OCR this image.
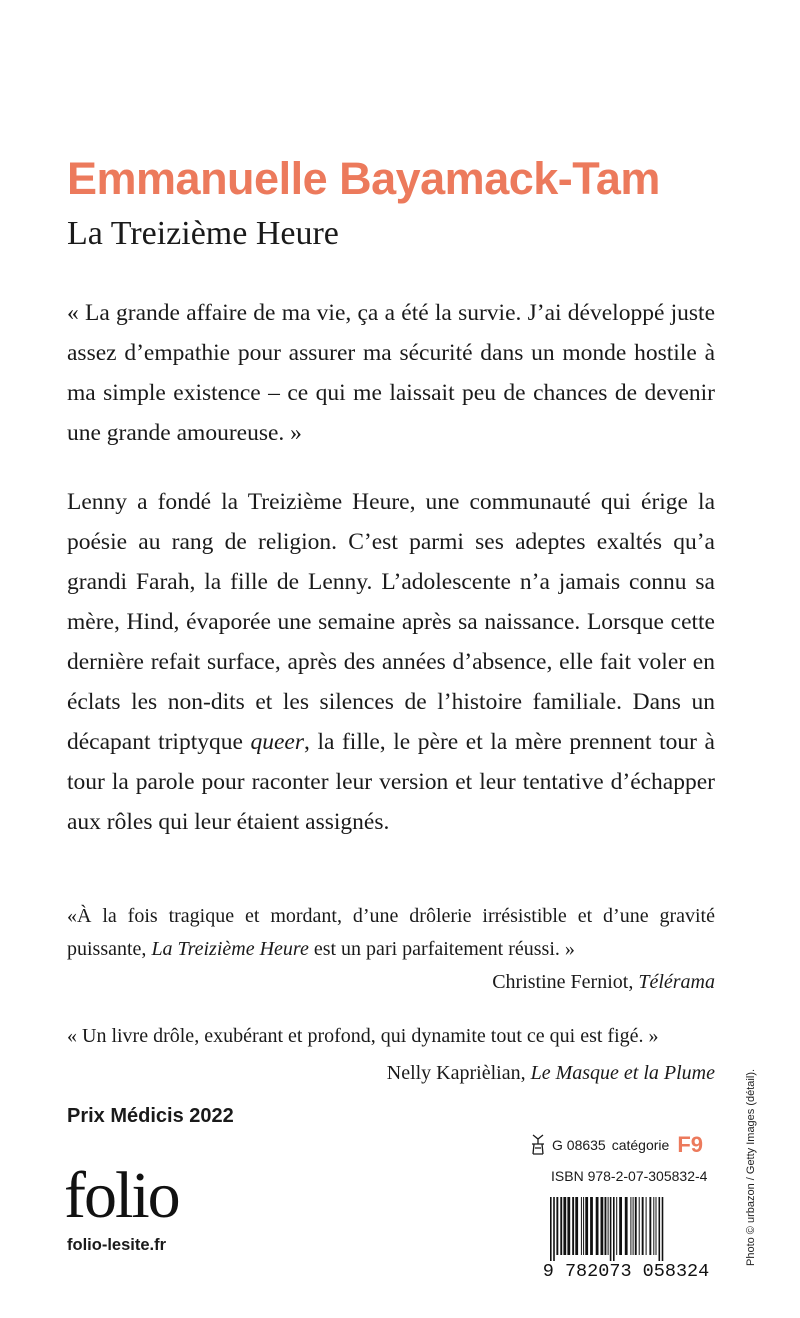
Emmanuelle Bayamack-Tam
La Treizième Heure

« La grande affaire de ma vie, ça a été la survie. J’ai développé juste assez d’empathie pour assurer ma sécurité dans un monde hostile à ma simple existence – ce qui me laissait peu de chances de devenir une grande amoureuse. »

Lenny a fondé la Treizième Heure, une communauté qui érige la poésie au rang de religion. C’est parmi ses adeptes exaltés qu’a grandi Farah, la fille de Lenny. L’adolescente n’a jamais connu sa mère, Hind, évaporée une semaine après sa naissance. Lorsque cette dernière refait surface, après des années d’absence, elle fait voler en éclats les non-dits et les silences de l’histoire familiale. Dans un décapant triptyque queer, la fille, le père et la mère prennent tour à tour la parole pour raconter leur version et leur tentative d’échapper aux rôles qui leur étaient assignés.

«À la fois tragique et mordant, d’une drôlerie irrésistible et d’une gravité puissante, La Treizième Heure est un pari parfaitement réussi. »

Christine Ferniot, Télérama

« Un livre drôle, exubérant et profond, qui dynamite tout ce qui est figé. »

Nelly Kaprièlian, Le Masque et la Plume
Prix Médicis 2022
folio
folio-lesite.fr
G 08635 catégorie F9
ISBN 978-2-07-305832-4
9 782073 058324
Photo © urbazon / Getty Images (détail).
